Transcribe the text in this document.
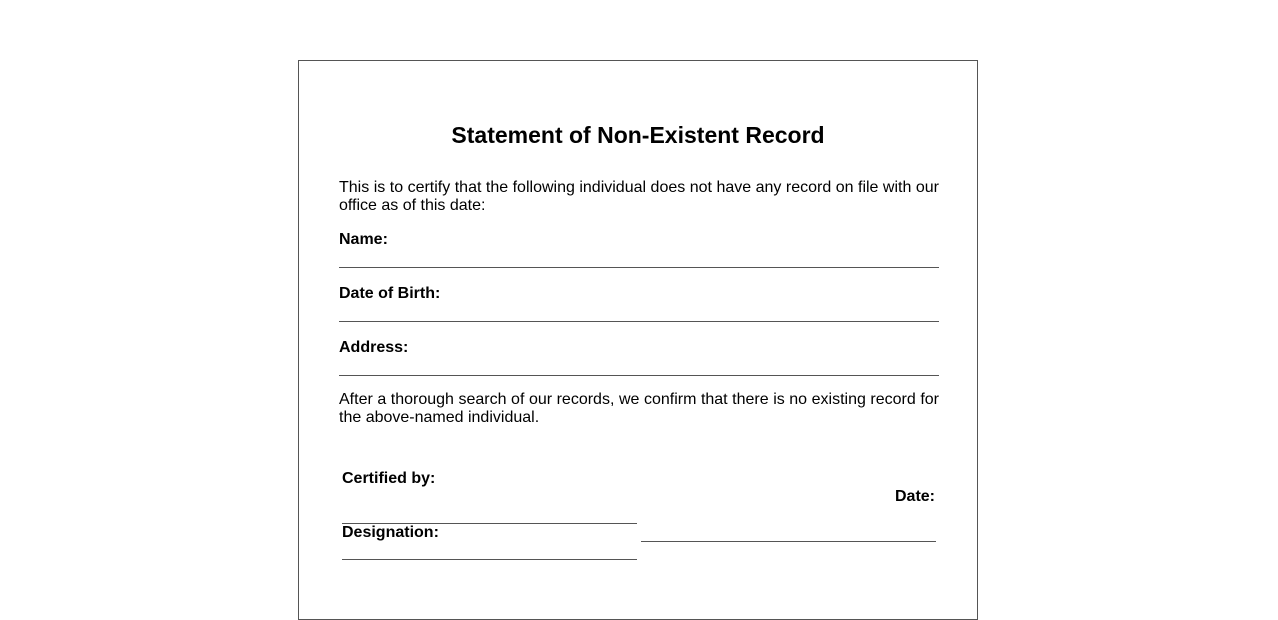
Statement of Non-Existent Record

This is to certify that the following individual does not have any record on file with our office as of this date:

Name:
Date of Birth:
Address:

After a thorough search of our records, we confirm that there is no existing record for the above-named individual.

Certified by:
Designation:
Date:
